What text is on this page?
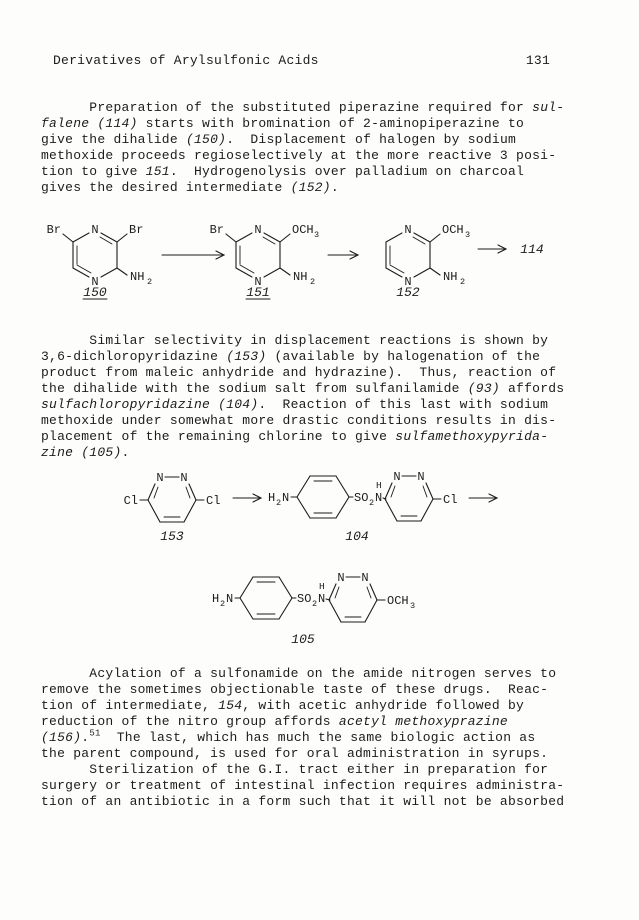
Derivatives of Arylsulfonic Acids	131
Preparation of the substituted piperazine required for sul-
falene (114) starts with bromination of 2-aminopiperazine to
give the dihalide (150).  Displacement of halogen by sodium
methoxide proceeds regioselectively at the more reactive 3 posi-
tion to give 151.  Hydrogenolysis over palladium on charcoal
gives the desired intermediate (152).
N
N
Br	Br
NH 2
150
N
N
Br	OCH 3
NH 2
151
N
N
OCH 3
NH 2
152
114
Similar selectivity in displacement reactions is shown by
3,6-dichloropyridazine (153) (available by halogenation of the
product from maleic anhydride and hydrazine).  Thus, reaction of
the dihalide with the sodium salt from sulfanilamide (93) affords
sulfachloropyridazine (104).  Reaction of this last with sodium
methoxide under somewhat more drastic conditions results in dis-
placement of the remaining chlorine to give sulfamethoxypyrida-
zine (105).
N N
Cl	Cl
153
H 2 N	SO 2 N
H
N N
Cl
104
H 2 N	SO 2 N
H
N N
OCH 3
105
Acylation of a sulfonamide on the amide nitrogen serves to
remove the sometimes objectionable taste of these drugs.  Reac-
tion of intermediate, 154, with acetic anhydride followed by
reduction of the nitro group affords acetyl methoxyprazine
(156).$^{51}$  The last, which has much the same biologic action as
the parent compound, is used for oral administration in syrups.
Sterilization of the G.I. tract either in preparation for
surgery or treatment of intestinal infection requires administra-
tion of an antibiotic in a form such that it will not be absorbed
